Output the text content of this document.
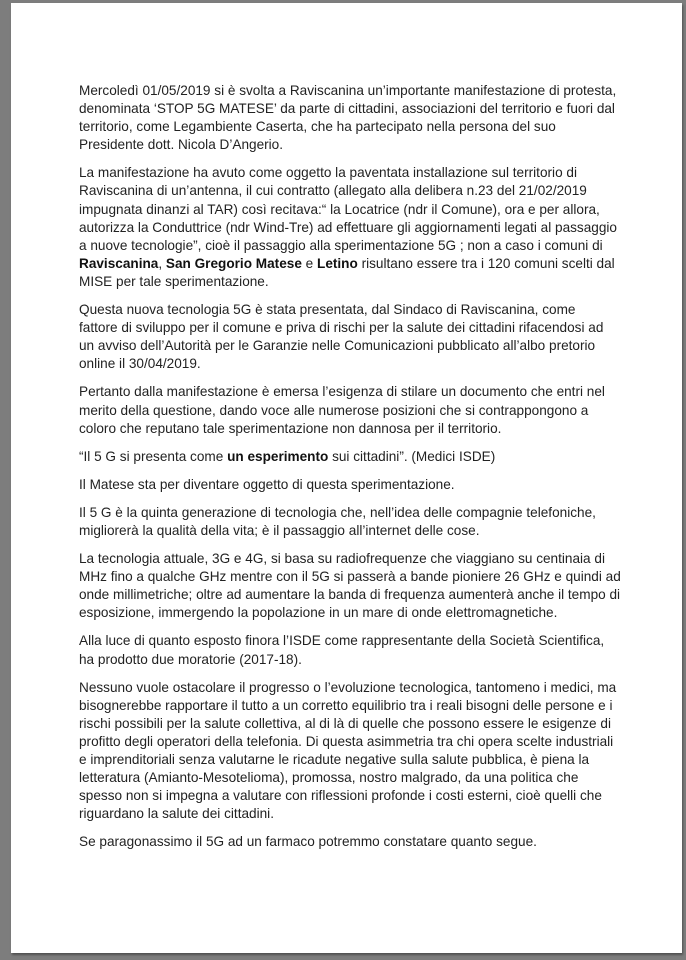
Mercoledì 01/05/2019 si è svolta a Raviscanina un’importante manifestazione di protesta,
denominata ‘STOP 5G MATESE’ da parte di cittadini, associazioni del territorio e fuori dal
territorio, come Legambiente Caserta, che ha partecipato nella persona del suo
Presidente dott. Nicola D’Angerio.

La manifestazione ha avuto come oggetto la paventata installazione sul territorio di
Raviscanina di un’antenna, il cui contratto (allegato alla delibera n.23 del 21/02/2019
impugnata dinanzi al TAR) così recitava:“ la Locatrice (ndr il Comune), ora e per allora,
autorizza la Conduttrice (ndr Wind-Tre) ad effettuare gli aggiornamenti legati al passaggio
a nuove tecnologie”, cioè il passaggio alla sperimentazione 5G ; non a caso i comuni di
Raviscanina, San Gregorio Matese e Letino risultano essere tra i 120 comuni scelti dal
MISE per tale sperimentazione.

Questa nuova tecnologia 5G è stata presentata, dal Sindaco di Raviscanina, come
fattore di sviluppo per il comune e priva di rischi per la salute dei cittadini rifacendosi ad
un avviso dell’Autorità per le Garanzie nelle Comunicazioni pubblicato all’albo pretorio
online il 30/04/2019.

Pertanto dalla manifestazione è emersa l’esigenza di stilare un documento che entri nel
merito della questione, dando voce alle numerose posizioni che si contrappongono a
coloro che reputano tale sperimentazione non dannosa per il territorio.

“Il 5 G si presenta come un esperimento sui cittadini”. (Medici ISDE)

Il Matese sta per diventare oggetto di questa sperimentazione.

Il 5 G è la quinta generazione di tecnologia che, nell’idea delle compagnie telefoniche,
migliorerà la qualità della vita; è il passaggio all’internet delle cose.

La tecnologia attuale, 3G e 4G, si basa su radiofrequenze che viaggiano su centinaia di
MHz fino a qualche GHz mentre con il 5G si passerà a bande pioniere 26 GHz e quindi ad
onde millimetriche; oltre ad aumentare la banda di frequenza aumenterà anche il tempo di
esposizione, immergendo la popolazione in un mare di onde elettromagnetiche.

Alla luce di quanto esposto finora l’ISDE come rappresentante della Società Scientifica,
ha prodotto due moratorie (2017-18).

Nessuno vuole ostacolare il progresso o l’evoluzione tecnologica, tantomeno i medici, ma
bisognerebbe rapportare il tutto a un corretto equilibrio tra i reali bisogni delle persone e i
rischi possibili per la salute collettiva, al di là di quelle che possono essere le esigenze di
profitto degli operatori della telefonia. Di questa asimmetria tra chi opera scelte industriali
e imprenditoriali senza valutarne le ricadute negative sulla salute pubblica, è piena la
letteratura (Amianto-Mesotelioma), promossa, nostro malgrado, da una politica che
spesso non si impegna a valutare con riflessioni profonde i costi esterni, cioè quelli che
riguardano la salute dei cittadini.

Se paragonassimo il 5G ad un farmaco potremmo constatare quanto segue.
